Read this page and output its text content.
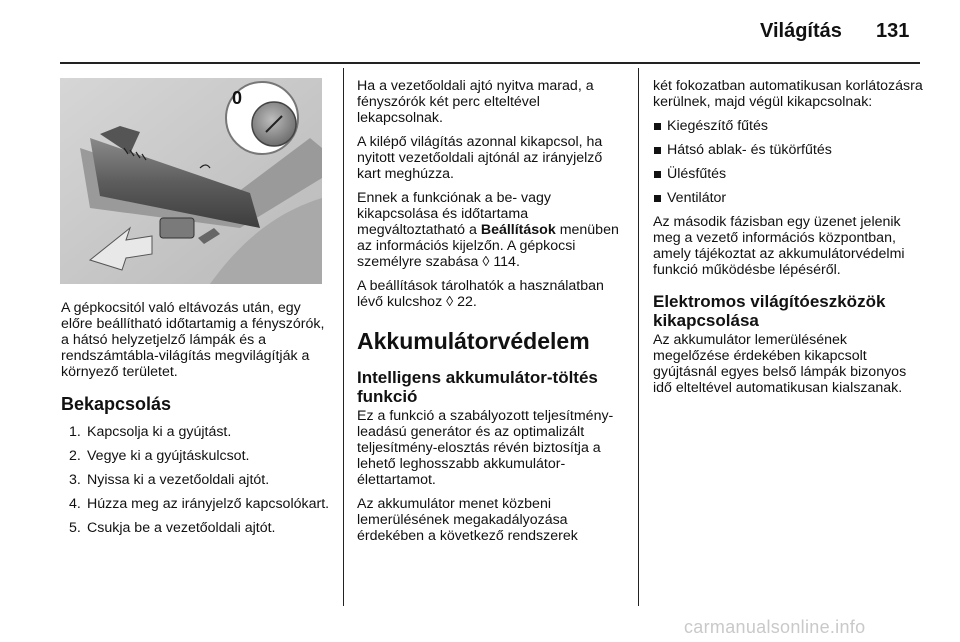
Világítás 131
0

A gépkocsitól való eltávozás után, egy előre beállítható időtartamig a fényszórók, a hátsó helyzetjelző lámpák és a rendszámtábla-világítás megvilágítják a környező területet.

Bekapcsolás
1. Kapcsolja ki a gyújtást.
2. Vegye ki a gyújtáskulcsot.
3. Nyissa ki a vezetőoldali ajtót.
4. Húzza meg az irányjelző kapcsolókart.
5. Csukja be a vezetőoldali ajtót.

Ha a vezetőoldali ajtó nyitva marad, a fényszórók két perc elteltével lekapcsolnak.

A kilépő világítás azonnal kikapcsol, ha nyitott vezetőoldali ajtónál az irányjelző kart meghúzza.

Ennek a funkciónak a be- vagy kikapcsolása és időtartama megváltoztatható a Beállítások menüben az információs kijelzőn. A gépkocsi személyre szabása ◊ 114.

A beállítások tárolhatók a használatban lévő kulcshoz ◊ 22.

Akkumulátorvédelem
Intelligens akkumulátor-töltés funkció

Ez a funkció a szabályozott teljesítmény-leadású generátor és az optimalizált teljesítmény-elosztás révén biztosítja a lehető leghosszabb akkumulátor-élettartamot.

Az akkumulátor menet közbeni lemerülésének megakadályozása érdekében a következő rendszerek

két fokozatban automatikusan korlátozásra kerülnek, majd végül kikapcsolnak:

Kiegészítő fűtés
Hátsó ablak- és tükörfűtés
Ülésfűtés
Ventilátor

Az második fázisban egy üzenet jelenik meg a vezető információs központban, amely tájékoztat az akkumulátorvédelmi funkció működésbe lépéséről.

Elektromos világítóeszközök kikapcsolása

Az akkumulátor lemerülésének megelőzése érdekében kikapcsolt gyújtásnál egyes belső lámpák bizonyos idő elteltével automatikusan kialszanak.

carmanualsonline.info
